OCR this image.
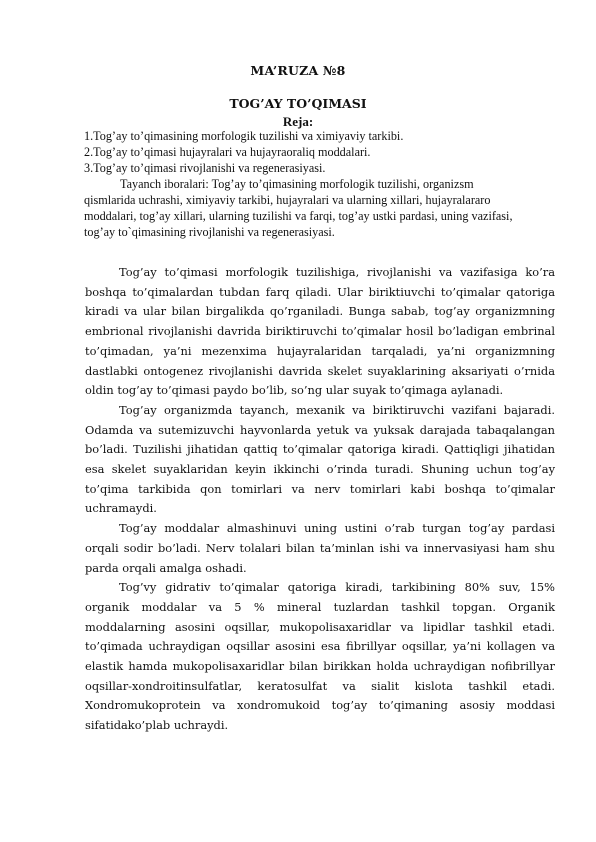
MA’RUZA №8
TOG’AY TO’QIMASI
Reja:
1.Tog’ay to’qimasining morfologik tuzilishi va ximiyaviy tarkibi.
2.Tog’ay to’qimasi hujayralari va hujayraoraliq moddalari.
3.Tog’ay to’qimasi rivojlanishi va regenerasiyasi.
Tayanch iboralari: Tog’ay to’qimasining morfologik tuzilishi, organizsm qismlarida uchrashi, ximiyaviy tarkibi, hujayralari va ularning xillari, hujayralararo moddalari, tog’ay xillari, ularning tuzilishi va farqi, tog’ay ustki pardasi, uning vazifasi, tog’ay to`qimasining rivojlanishi va regenerasiyasi.

Tog’ay to’qimasi morfologik tuzilishiga, rivojlanishi va vazifasiga ko’ra boshqa to’qimalardan tubdan farq qiladi. Ular biriktiuvchi to’qimalar qatoriga kiradi va ular bilan birgalikda qo’rganiladi. Bunga sabab, tog’ay organizmning embrional rivojlanishi davrida biriktiruvchi to’qimalar hosil bo’ladigan embrinal to’qimadan, ya’ni mezenxima hujayralaridan tarqaladi, ya’ni organizmning dastlabki ontogenez rivojlanishi davrida skelet suyaklarining aksariyati o’rnida oldin tog’ay to’qimasi paydo bo’lib, so’ng ular suyak to’qimaga aylanadi.

Tog’ay organizmda tayanch, mexanik va biriktiruvchi vazifani bajaradi. Odamda va sutemizuvchi hayvonlarda yetuk va yuksak darajada tabaqalangan bo’ladi. Tuzilishi jihatidan qattiq to’qimalar qatoriga kiradi. Qattiqligi jihatidan esa skelet suyaklaridan keyin ikkinchi o’rinda turadi. Shuning uchun tog’ay to’qima tarkibida qon tomirlari va nerv tomirlari kabi boshqa to’qimalar uchramaydi.

Tog’ay moddalar almashinuvi uning ustini o’rab turgan tog’ay pardasi orqali sodir bo’ladi. Nerv tolalari bilan ta’minlan ishi va innervasiyasi ham shu parda orqali amalga oshadi.

Tog’vy gidrativ to’qimalar qatoriga kiradi, tarkibining 80% suv, 15% organik moddalar va 5 % mineral tuzlardan tashkil topgan. Organik moddalarning asosini oqsillar, mukopolisaxaridlar va lipidlar tashkil etadi. to’qimada uchraydigan oqsillar asosini esa fibrillyar oqsillar, ya’ni kollagen va elastik hamda mukopolisaxaridlar bilan birikkan holda uchraydigan nofibrillyar oqsillar-xondroitinsulfatlar, keratosulfat va sialit kislota tashkil etadi. Xondromukoprotein va xondromukoid tog’ay to’qimaning asosiy moddasi sifatidako’plab uchraydi.
